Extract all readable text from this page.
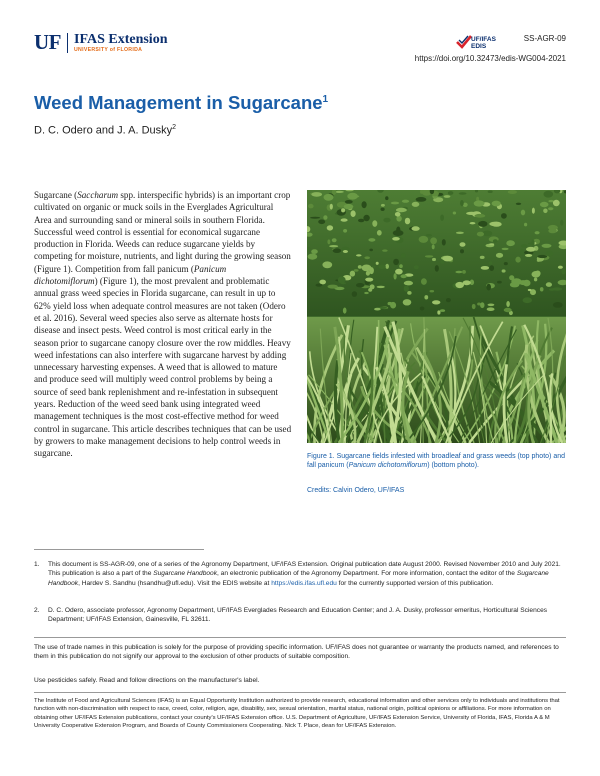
UF IFAS Extension
UNIVERSITY of FLORIDA
UF/IFAS EDIS
SS-AGR-09
https://doi.org/10.32473/edis-WG004-2021
Weed Management in Sugarcane$^1$
D. C. Odero and J. A. Dusky$^2$

Sugarcane (Saccharum spp. interspecific hybrids) is an important crop cultivated on organic or muck soils in the Everglades Agricultural Area and surrounding sand or mineral soils in southern Florida. Successful weed control is essential for economical sugarcane production in Florida. Weeds can reduce sugarcane yields by competing for moisture, nutrients, and light during the growing season (Figure 1). Competition from fall panicum (Panicum dichotomiflorum) (Figure 1), the most prevalent and problematic annual grass weed species in Florida sugarcane, can result in up to 62% yield loss when adequate control measures are not taken (Odero et al. 2016). Several weed species also serve as alternate hosts for disease and insect pests. Weed control is most critical early in the season prior to sugarcane canopy closure over the row middles. Heavy weed infestations can also interfere with sugarcane harvest by adding unnecessary harvesting expenses. A weed that is allowed to mature and produce seed will multiply weed control problems by being a source of seed bank replenishment and re-infestation in subsequent years. Reduction of the weed seed bank using integrated weed management techniques is the most cost-effective method for weed control in sugarcane. This article describes techniques that can be used by growers to make management decisions to help control weeds in sugarcane.	Figure 1. Sugarcane fields infested with broadleaf and grass weeds (top photo) and fall panicum (Panicum dichotomiflorum) (bottom photo).
Credits: Calvin Odero, UF/IFAS
1. This document is SS-AGR-09, one of a series of the Agronomy Department, UF/IFAS Extension. Original publication date August 2000. Revised November 2010 and July 2021. This publication is also a part of the Sugarcane Handbook, an electronic publication of the Agronomy Department. For more information, contact the editor of the Sugarcane Handbook, Hardev S. Sandhu (hsandhu@ufl.edu). Visit the EDIS website at https://edis.ifas.ufl.edu for the currently supported version of this publication.
2. D. C. Odero, associate professor, Agronomy Department, UF/IFAS Everglades Research and Education Center; and J. A. Dusky, professor emeritus, Horticultural Sciences Department; UF/IFAS Extension, Gainesville, FL 32611.
The use of trade names in this publication is solely for the purpose of providing specific information. UF/IFAS does not guarantee or warranty the products named, and references to them in this publication do not signify our approval to the exclusion of other products of suitable composition.
Use pesticides safely. Read and follow directions on the manufacturer's label.
The Institute of Food and Agricultural Sciences (IFAS) is an Equal Opportunity Institution authorized to provide research, educational information and other services only to individuals and institutions that function with non-discrimination with respect to race, creed, color, religion, age, disability, sex, sexual orientation, marital status, national origin, political opinions or affiliations. For more information on obtaining other UF/IFAS Extension publications, contact your county's UF/IFAS Extension office. U.S. Department of Agriculture, UF/IFAS Extension Service, University of Florida, IFAS, Florida A & M University Cooperative Extension Program, and Boards of County Commissioners Cooperating. Nick T. Place, dean for UF/IFAS Extension.
